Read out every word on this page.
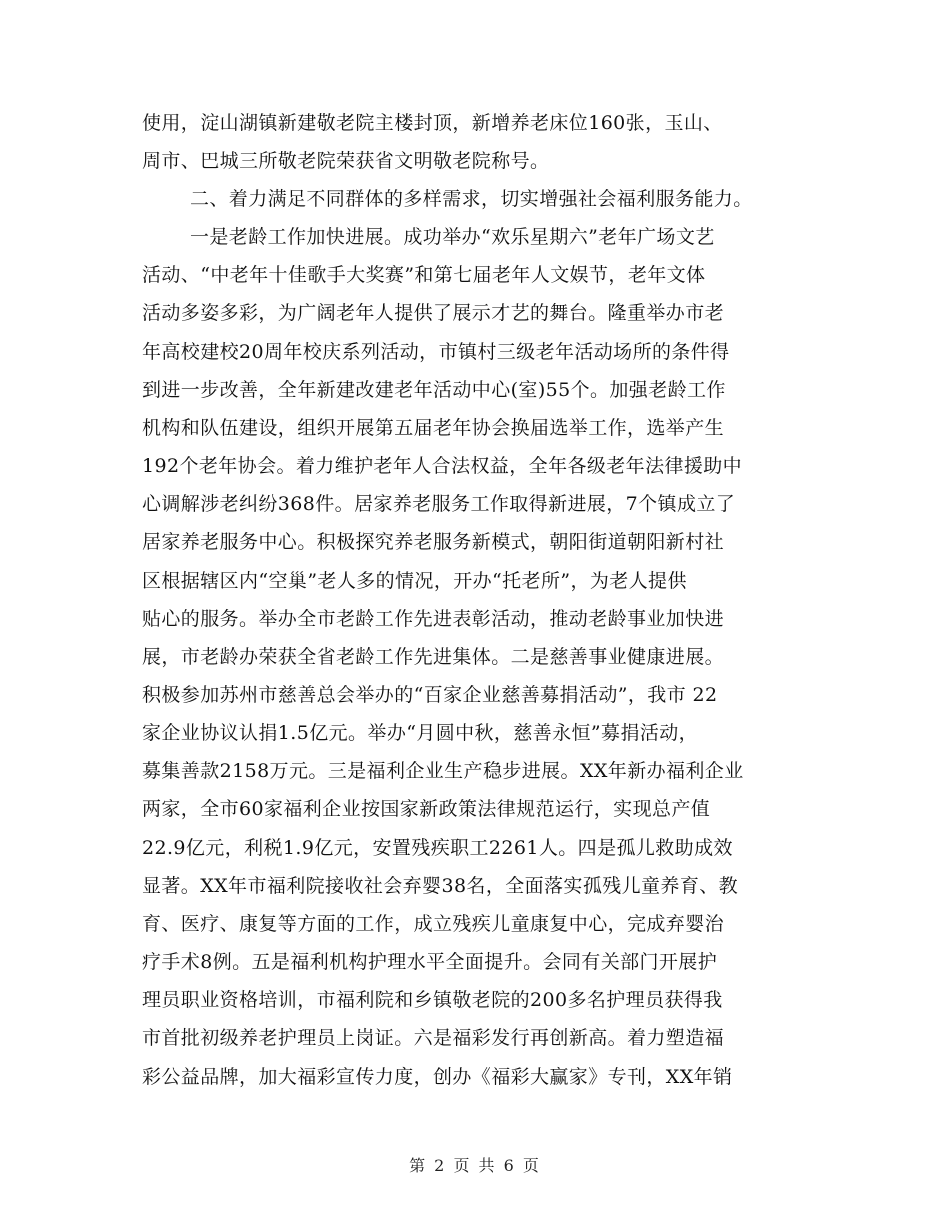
使用，淀山湖镇新建敬老院主楼封顶，新增养老床位160张，玉山、

周市、巴城三所敬老院荣获省文明敬老院称号。

二、着力满足不同群体的多样需求，切实增强社会福利服务能力。

一是老龄工作加快进展。成功举办“欢乐星期六”老年广场文艺

活动、“中老年十佳歌手大奖赛”和第七届老年人文娱节，老年文体

活动多姿多彩，为广阔老年人提供了展示才艺的舞台。隆重举办市老

年高校建校20周年校庆系列活动，市镇村三级老年活动场所的条件得

到进一步改善，全年新建改建老年活动中心(室)55个。加强老龄工作

机构和队伍建设，组织开展第五届老年协会换届选举工作，选举产生

192个老年协会。着力维护老年人合法权益，全年各级老年法律援助中

心调解涉老纠纷368件。居家养老服务工作取得新进展，7个镇成立了

居家养老服务中心。积极探究养老服务新模式，朝阳街道朝阳新村社

区根据辖区内“空巢”老人多的情况，开办“托老所”，为老人提供

贴心的服务。举办全市老龄工作先进表彰活动，推动老龄事业加快进

展，市老龄办荣获全省老龄工作先进集体。二是慈善事业健康进展。

积极参加苏州市慈善总会举办的“百家企业慈善募捐活动”，我市 22

家企业协议认捐1.5亿元。举办“月圆中秋，慈善永恒”募捐活动，

募集善款2158万元。三是福利企业生产稳步进展。XX年新办福利企业

两家，全市60家福利企业按国家新政策法律规范运行，实现总产值

22.9亿元，利税1.9亿元，安置残疾职工2261人。四是孤儿救助成效

显著。XX年市福利院接收社会弃婴38名，全面落实孤残儿童养育、教

育、医疗、康复等方面的工作，成立残疾儿童康复中心，完成弃婴治

疗手术8例。五是福利机构护理水平全面提升。会同有关部门开展护

理员职业资格培训，市福利院和乡镇敬老院的200多名护理员获得我

市首批初级养老护理员上岗证。六是福彩发行再创新高。着力塑造福

彩公益品牌，加大福彩宣传力度，创办《福彩大赢家》专刊，XX年销

第 2 页 共 6 页
